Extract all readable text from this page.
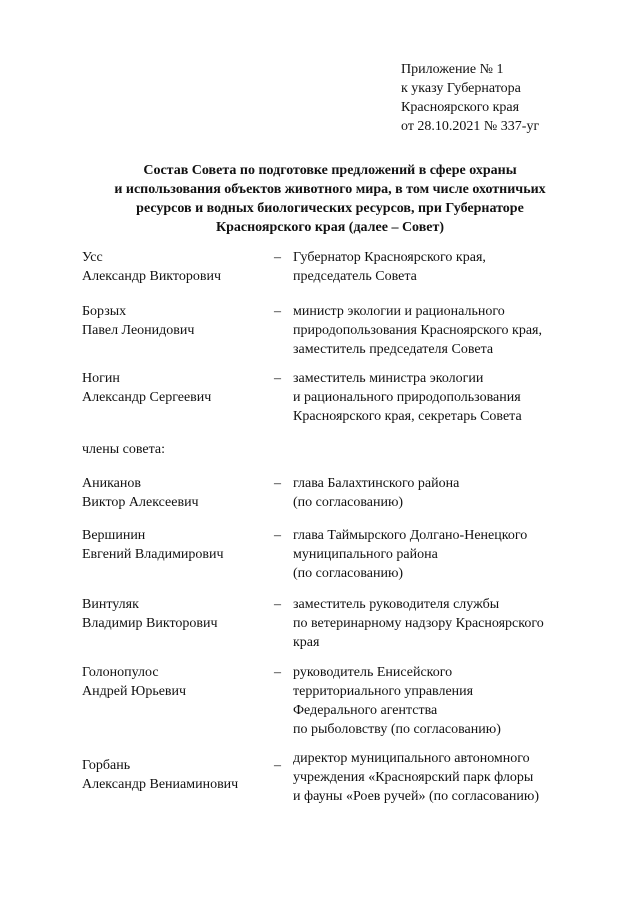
Приложение № 1
к указу Губернатора
Красноярского края
от 28.10.2021 № 337-уг
Состав Совета по подготовке предложений в сфере охраны
и использования объектов животного мира, в том числе охотничьих
ресурсов и водных биологических ресурсов, при Губернаторе
Красноярского края (далее – Совет)
Усс
Александр Викторович
– Губернатор Красноярского края,
председатель Совета
Борзых
Павел Леонидович
– министр экологии и рационального
природопользования Красноярского края,
заместитель председателя Совета
Ногин
Александр Сергеевич
– заместитель министра экологии
и рационального природопользования
Красноярского края, секретарь Совета
члены совета:
Аниканов
Виктор Алексеевич
– глава Балахтинского района
(по согласованию)
Вершинин
Евгений Владимирович
– глава Таймырского Долгано-Ненецкого
муниципального района
(по согласованию)
Винтуляк
Владимир Викторович
– заместитель руководителя службы
по ветеринарному надзору Красноярского
края
Голонопулос
Андрей Юрьевич
– руководитель Енисейского
территориального управления
Федерального агентства
по рыболовству (по согласованию)
Горбань
Александр Вениаминович
– директор муниципального автономного
учреждения «Красноярский парк флоры
и фауны «Роев ручей» (по согласованию)
